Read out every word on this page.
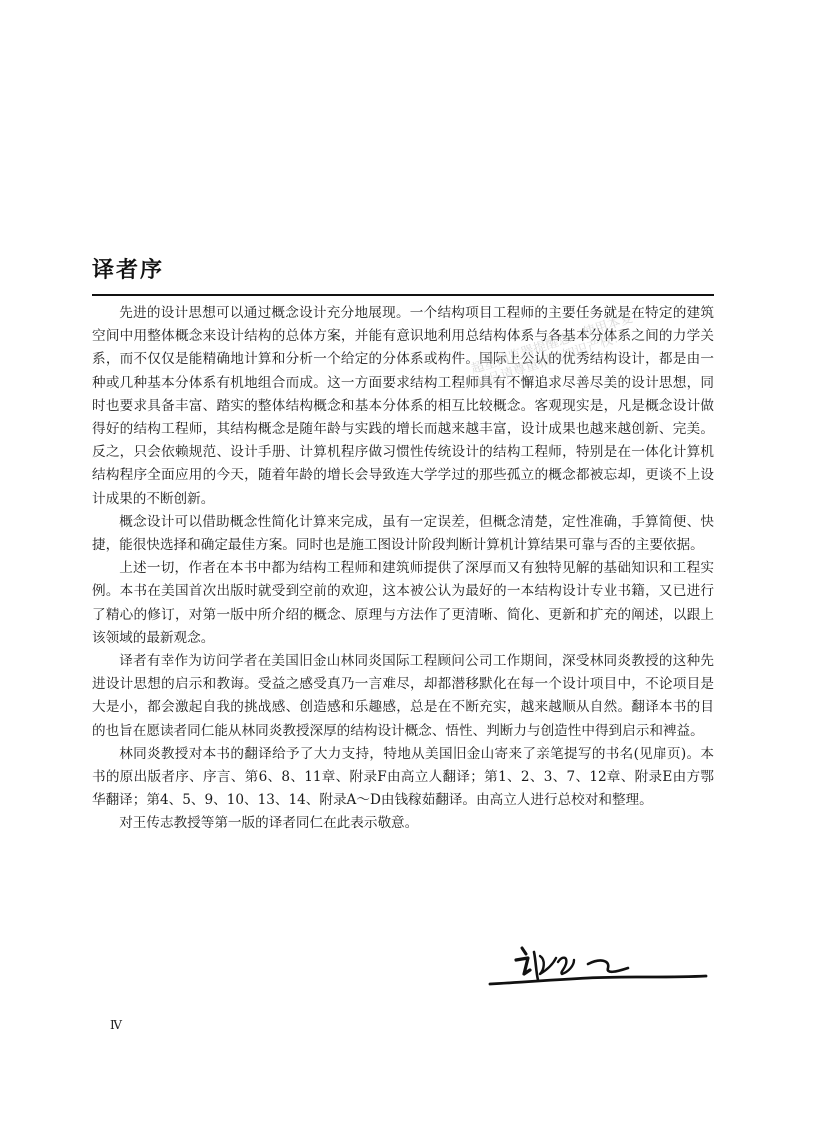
译者序

先进的设计思想可以通过概念设计充分地展现。一个结构项目工程师的主要任务就是在特定的建筑空间中用整体概念来设计结构的总体方案，并能有意识地利用总结构体系与各基本分体系之间的力学关系，而不仅仅是能精确地计算和分析一个给定的分体系或构件。国际上公认的优秀结构设计，都是由一种或几种基本分体系有机地组合而成。这一方面要求结构工程师具有不懈追求尽善尽美的设计思想，同时也要求具备丰富、踏实的整体结构概念和基本分体系的相互比较概念。客观现实是，凡是概念设计做得好的结构工程师，其结构概念是随年龄与实践的增长而越来越丰富，设计成果也越来越创新、完美。反之，只会依赖规范、设计手册、计算机程序做习惯性传统设计的结构工程师，特别是在一体化计算机结构程序全面应用的今天，随着年龄的增长会导致连大学学过的那些孤立的概念都被忘却，更谈不上设计成果的不断创新。

概念设计可以借助概念性简化计算来完成，虽有一定误差，但概念清楚，定性准确，手算简便、快捷，能很快选择和确定最佳方案。同时也是施工图设计阶段判断计算机计算结果可靠与否的主要依据。

上述一切，作者在本书中都为结构工程师和建筑师提供了深厚而又有独特见解的基础知识和工程实例。本书在美国首次出版时就受到空前的欢迎，这本被公认为最好的一本结构设计专业书籍，又已进行了精心的修订，对第一版中所介绍的概念、原理与方法作了更清晰、简化、更新和扩充的阐述，以跟上该领域的最新观念。

译者有幸作为访问学者在美国旧金山林同炎国际工程顾问公司工作期间，深受林同炎教授的这种先进设计思想的启示和教诲。受益之感受真乃一言难尽，却都潜移默化在每一个设计项目中，不论项目是大是小，都会激起自我的挑战感、创造感和乐趣感，总是在不断充实，越来越顺从自然。翻译本书的目的也旨在愿读者同仁能从林同炎教授深厚的结构设计概念、悟性、判断力与创造性中得到启示和裨益。

林同炎教授对本书的翻译给予了大力支持，特地从美国旧金山寄来了亲笔提写的书名(见扉页)。本书的原出版者序、序言、第6、8、11章、附录F由高立人翻译；第1、2、3、7、12章、附录E由方鄂华翻译；第4、5、9、10、13、14、附录A～D由钱稼茹翻译。由高立人进行总校对和整理。

对王传志教授等第一版的译者同仁在此表示敬意。

超星阅览器提醒您：使用本复制品请尊重相关知识产权！
Ⅳ
